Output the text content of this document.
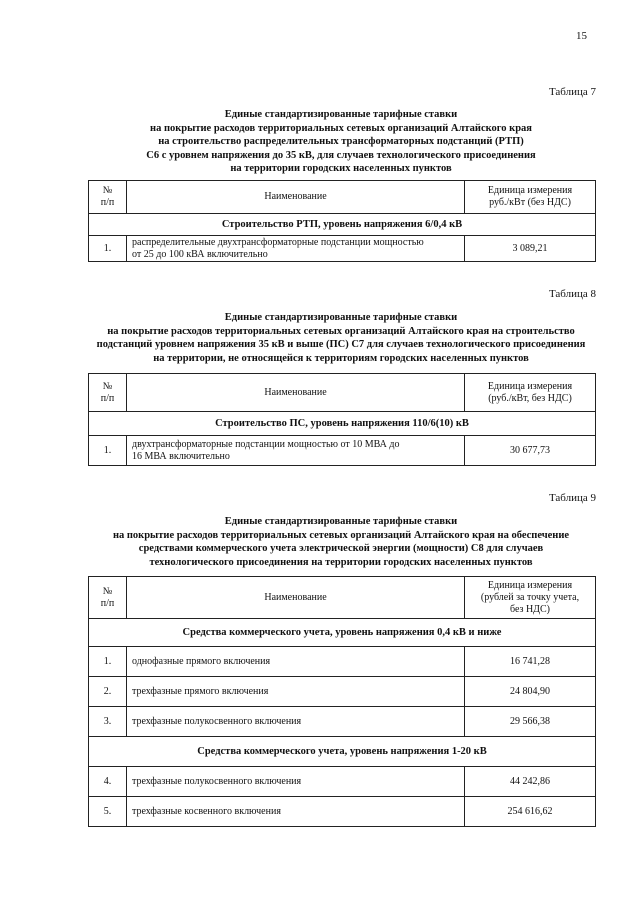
15
Таблица 7
Единые стандартизированные тарифные ставки
на покрытие расходов территориальных сетевых организаций Алтайского края
на строительство распределительных трансформаторных подстанций (РТП)
С6 с уровнем напряжения до 35 кВ, для случаев технологического присоединения
на территории городских населенных пунктов
№
п/п	Наименование	Единица измерения
руб./кВт (без НДС)
Строительство РТП, уровень напряжения 6/0,4 кВ		
1.	распределительные двухтрансформаторные подстанции мощностью
от 25 до 100 кВА включительно	3 089,21
Таблица 8
Единые стандартизированные тарифные ставки
на покрытие расходов территориальных сетевых организаций Алтайского края на строительство
подстанций уровнем напряжения 35 кВ и выше (ПС) С7 для случаев технологического присоединения
на территории, не относящейся к территориям городских населенных пунктов
№
п/п	Наименование	Единица измерения
(руб./кВт, без НДС)
Строительство ПС, уровень напряжения 110/6(10) кВ		
1.	двухтрансформаторные подстанции мощностью от 10 МВА до
16 МВА включительно	30 677,73
Таблица 9
Единые стандартизированные тарифные ставки
на покрытие расходов территориальных сетевых организаций Алтайского края на обеспечение
средствами коммерческого учета электрической энергии (мощности) С8 для случаев
технологического присоединения на территории городских населенных пунктов
№
п/п	Наименование	Единица измерения
(рублей за точку учета,
без НДС)
Средства коммерческого учета, уровень напряжения 0,4 кВ и ниже		
1.	однофазные прямого включения	16 741,28
2.	трехфазные прямого включения	24 804,90
3.	трехфазные полукосвенного включения	29 566,38
Средства коммерческого учета, уровень напряжения 1-20 кВ		
4.	трехфазные полукосвенного включения	44 242,86
5.	трехфазные косвенного включения	254 616,62
